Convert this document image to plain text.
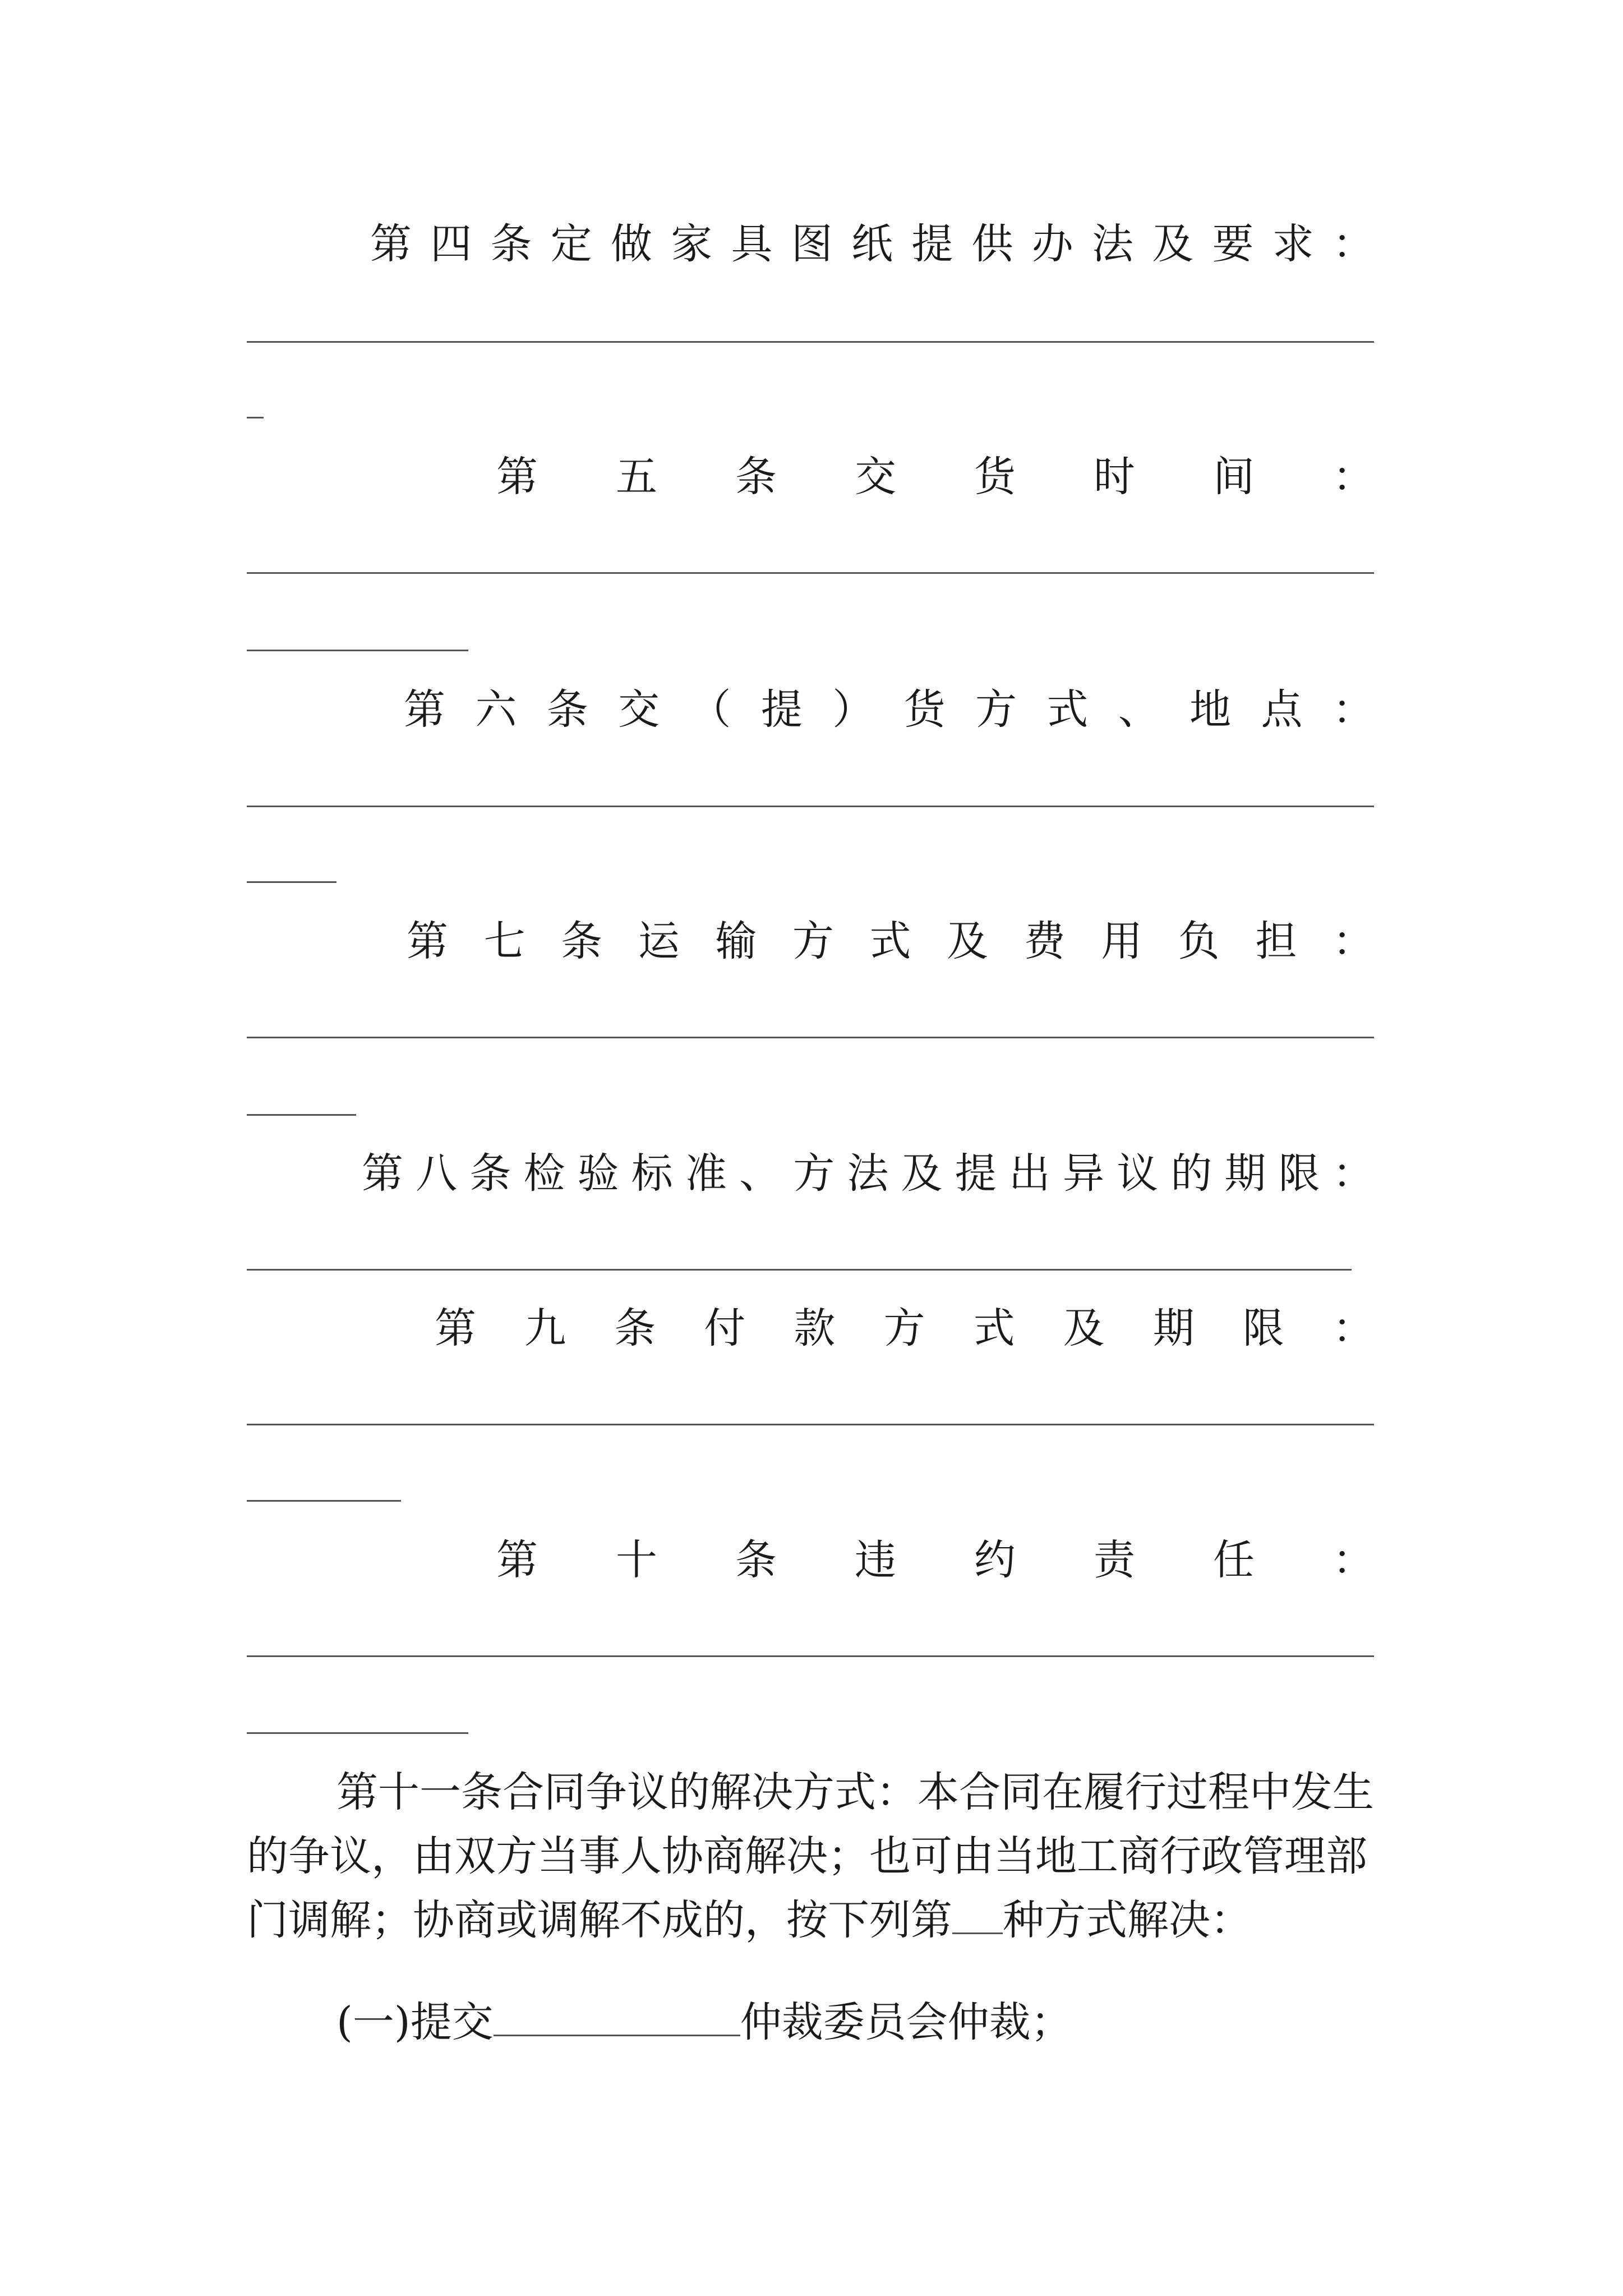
第 四 条 定 做 家 具 图 纸 提 供 办 法 及 要 求 ：
第 五 条 交 货 时 间 ：
第 六 条 交 （ 提 ） 货 方 式 、 地 点 ：
第 七 条 运 输 方 式 及 费 用 负 担 ：
第 八 条 检 验 标 准 、 方 法 及 提 出 异 议 的 期 限 ：
第 九 条 付 款 方 式 及 期 限 ：
第 十 条 违 约 责 任 ：

第十一条合同争议的解决方式：本合同在履行过程中发生的争议，由双方当事人协商解决；也可由当地工商行政管理部门调解；协商或调解不成的，按下列第 种方式解决：

(一)提交	仲裁委员会仲裁；
